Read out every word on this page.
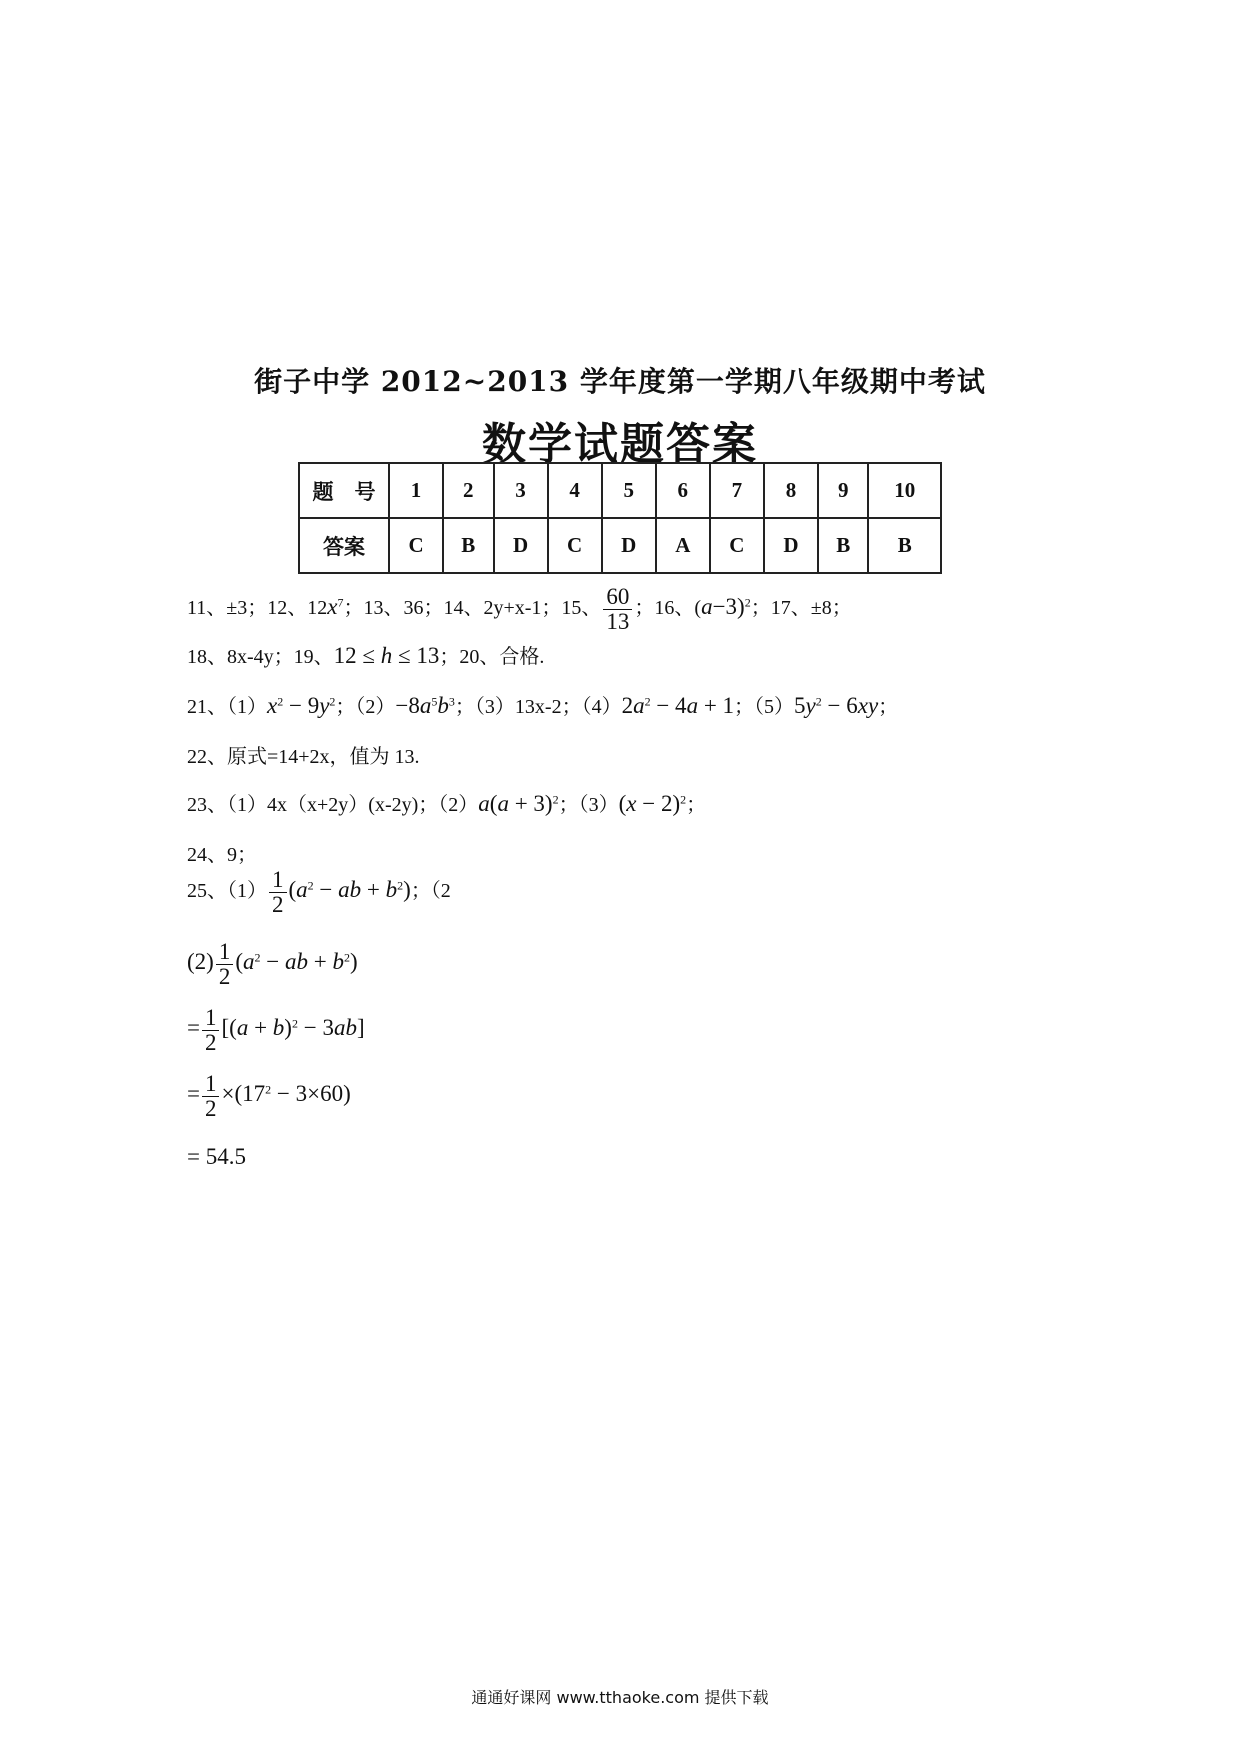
街子中学 2012~2013 学年度第一学期八年级期中考试
数学试题答案
题　号	1	2	3	4	5	6	7	8	9	10
答案	C	B	D	C	D	A	C	D	B	B
11、±3；12、$12x^7$；13、36；14、2y+x-1；15、 $\frac{60}{13}$ ；16、$(a-3)^2$；17、±8；
18、8x-4y；19、12 ≤ h ≤ 13；20、合格.
21、$(1)x^2 - 9y^2$；$(2)-8a^5b^3$；（3）13x-2；$(4)2a^2 - 4a + 1$；$(5)5y^2 - 6xy$；
22、原式=14+2x，值为 13.
23、（1）4x（x+2y）(x-2y)；$(2)a(a + 3)^2$；$(3)(x - 2)^2$；
24、9；
25、$(1) \frac{1}{2} (a^2$ − ab + $b^2$)；（2
$(2) \frac{1}{2} (a^2$ − ab + $b^2$)
= $\frac{1}{2} [(a + b)^2 - 3ab]$
= $\frac{1}{2} \times(17^2 - 3\times 60)$
= 54.5
通通好课网 www.tthaoke.com 提供下载
